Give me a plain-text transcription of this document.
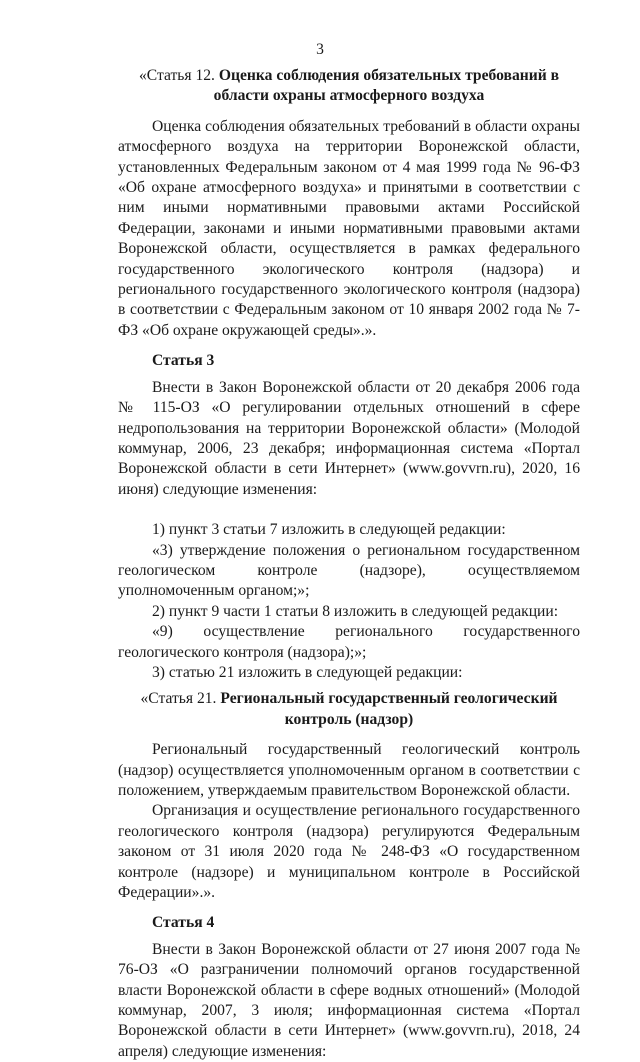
3
«Статья 12. Оценка соблюдения обязательных требований в
области охраны атмосферного воздуха

Оценка соблюдения обязательных требований в области охраны атмосферного воздуха на территории Воронежской области, установленных Федеральным законом от 4 мая 1999 года № 96-ФЗ «Об охране атмосферного воздуха» и принятыми в соответствии с ним иными нормативными правовыми актами Российской Федерации, законами и иными нормативными правовыми актами Воронежской области, осуществляется в рамках федерального государственного экологического контроля (надзора) и регионального государственного экологического контроля (надзора) в соответствии с Федеральным законом от 10 января 2002 года № 7-ФЗ «Об охране окружающей среды».».

Статья 3

Внести в Закон Воронежской области от 20 декабря 2006 года № 115-ОЗ «О регулировании отдельных отношений в сфере недропользования на территории Воронежской области» (Молодой коммунар, 2006, 23 декабря; информационная система «Портал Воронежской области в сети Интернет» (www.govvrn.ru), 2020, 16 июня) следующие изменения:

1) пункт 3 статьи 7 изложить в следующей редакции:

«3) утверждение положения о региональном государственном геологическом контроле (надзоре), осуществляемом уполномоченным органом;»;

2) пункт 9 части 1 статьи 8 изложить в следующей редакции:

«9) осуществление регионального государственного геологического контроля (надзора);»;

3) статью 21 изложить в следующей редакции:

«Статья 21. Региональный государственный геологический
контроль (надзор)

Региональный государственный геологический контроль (надзор) осуществляется уполномоченным органом в соответствии с положением, утверждаемым правительством Воронежской области.

Организация и осуществление регионального государственного геологического контроля (надзора) регулируются Федеральным законом от 31 июля 2020 года № 248-ФЗ «О государственном контроле (надзоре) и муниципальном контроле в Российской Федерации».».

Статья 4

Внести в Закон Воронежской области от 27 июня 2007 года № 76-ОЗ «О разграничении полномочий органов государственной власти Воронежской области в сфере водных отношений» (Молодой коммунар, 2007, 3 июля; информационная система «Портал Воронежской области в сети Интернет» (www.govvrn.ru), 2018, 24 апреля) следующие изменения:
